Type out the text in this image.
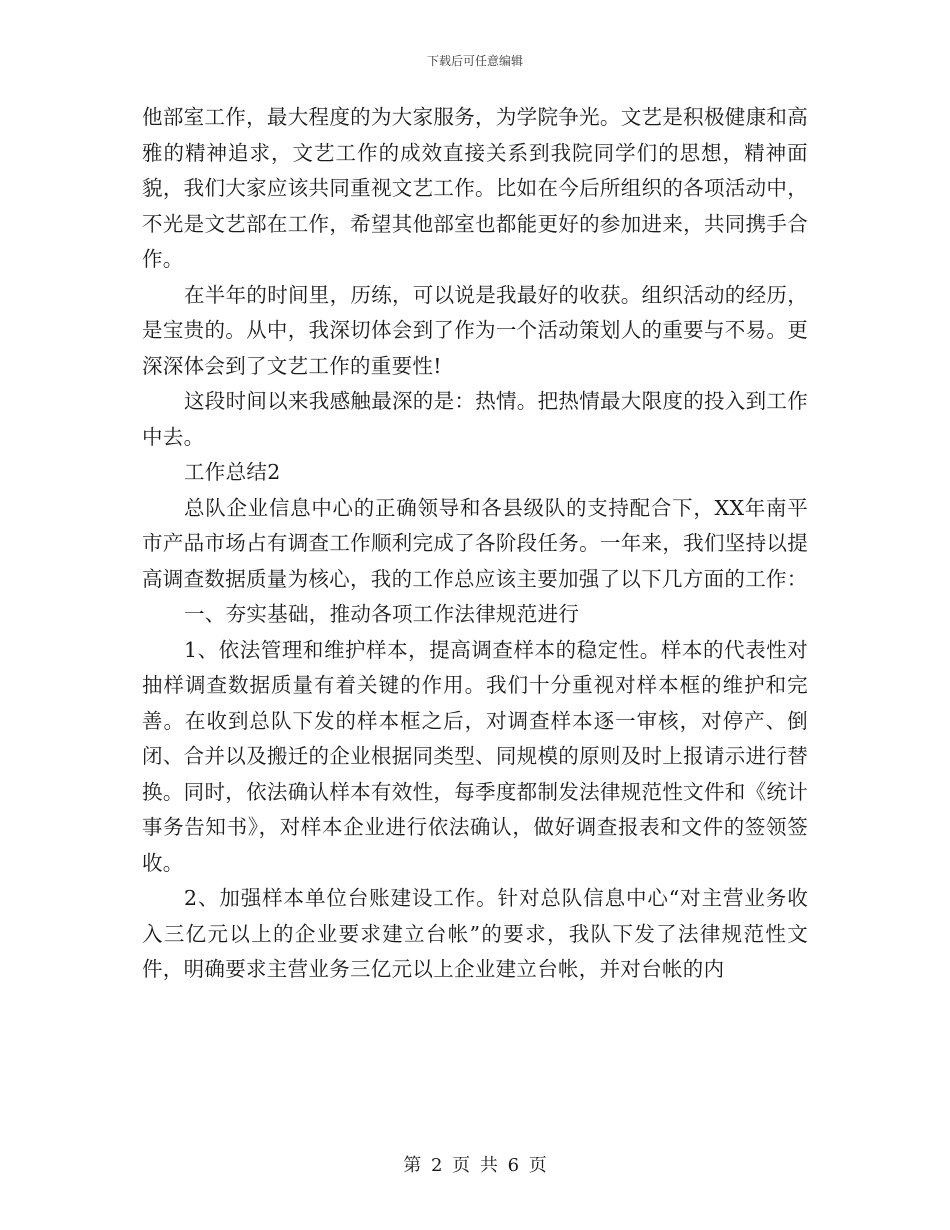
下载后可任意编辑

他部室工作，最大程度的为大家服务，为学院争光。文艺是积极健康和高雅的精神追求，文艺工作的成效直接关系到我院同学们的思想，精神面貌，我们大家应该共同重视文艺工作。比如在今后所组织的各项活动中，不光是文艺部在工作，希望其他部室也都能更好的参加进来，共同携手合作。

在半年的时间里，历练，可以说是我最好的收获。组织活动的经历，是宝贵的。从中，我深切体会到了作为一个活动策划人的重要与不易。更深深体会到了文艺工作的重要性!

这段时间以来我感触最深的是：热情。把热情最大限度的投入到工作中去。

工作总结2

总队企业信息中心的正确领导和各县级队的支持配合下，XX年南平市产品市场占有调查工作顺利完成了各阶段任务。一年来，我们坚持以提高调查数据质量为核心，我的工作总应该主要加强了以下几方面的工作：

一、夯实基础，推动各项工作法律规范进行

1、依法管理和维护样本，提高调查样本的稳定性。样本的代表性对抽样调查数据质量有着关键的作用。我们十分重视对样本框的维护和完善。在收到总队下发的样本框之后，对调查样本逐一审核，对停产、倒闭、合并以及搬迁的企业根据同类型、同规模的原则及时上报请示进行替换。同时，依法确认样本有效性，每季度都制发法律规范性文件和《统计事务告知书》，对样本企业进行依法确认，做好调查报表和文件的签领签收。

2、加强样本单位台账建设工作。针对总队信息中心“对主营业务收入三亿元以上的企业要求建立台帐”的要求，我队下发了法律规范性文件，明确要求主营业务三亿元以上企业建立台帐，并对台帐的内

第 2 页 共 6 页
